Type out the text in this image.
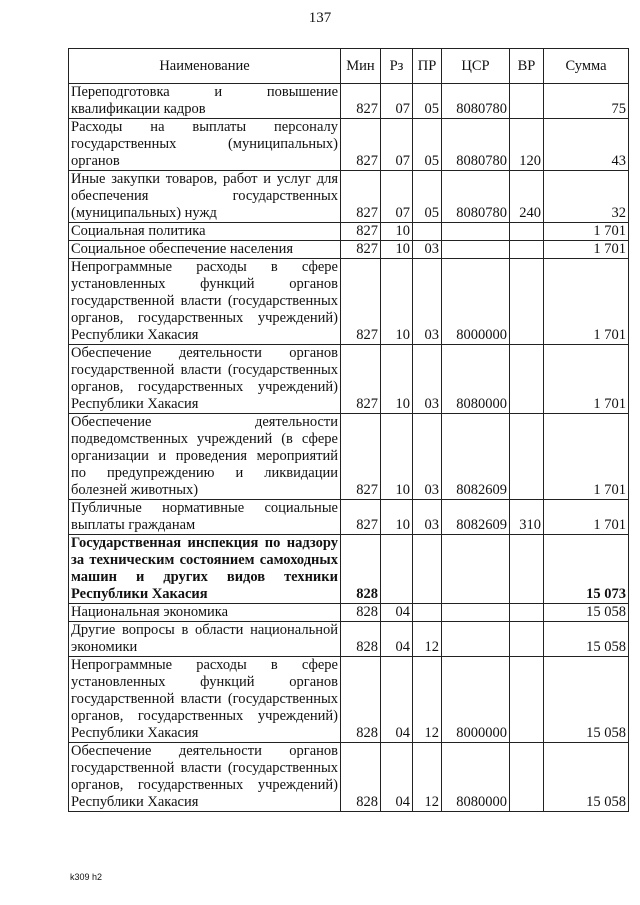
137
Наименование	Мин	Рз	ПР	ЦСР	ВР	Сумма
Переподготовка и повышение квалификации кадров	827	07	05	8080780		75
Расходы на выплаты персоналу государственных (муниципальных) органов	827	07	05	8080780	120	43
Иные закупки товаров, работ и услуг для обеспечения государственных (муниципальных) нужд	827	07	05	8080780	240	32
Социальная политика	827	10				1 701
Социальное обеспечение населения	827	10	03			1 701
Непрограммные расходы в сфере установленных функций органов государственной власти (государственных органов, государственных учреждений) Республики Хакасия	827	10	03	8000000		1 701
Обеспечение деятельности органов государственной власти (государственных органов, государственных учреждений) Республики Хакасия	827	10	03	8080000		1 701
Обеспечение деятельности подведомственных учреждений (в сфере организации и проведения мероприятий по предупреждению и ликвидации болезней животных)	827	10	03	8082609		1 701
Публичные нормативные социальные выплаты гражданам	827	10	03	8082609	310	1 701
Государственная инспекция по надзору за техническим состоянием самоходных машин и других видов техники Республики Хакасия	828					15 073
Национальная экономика	828	04				15 058
Другие вопросы в области национальной экономики	828	04	12			15 058
Непрограммные расходы в сфере установленных функций органов государственной власти (государственных органов, государственных учреждений) Республики Хакасия	828	04	12	8000000		15 058
Обеспечение деятельности органов государственной власти (государственных органов, государственных учреждений) Республики Хакасия	828	04	12	8080000		15 058
k309 h2
